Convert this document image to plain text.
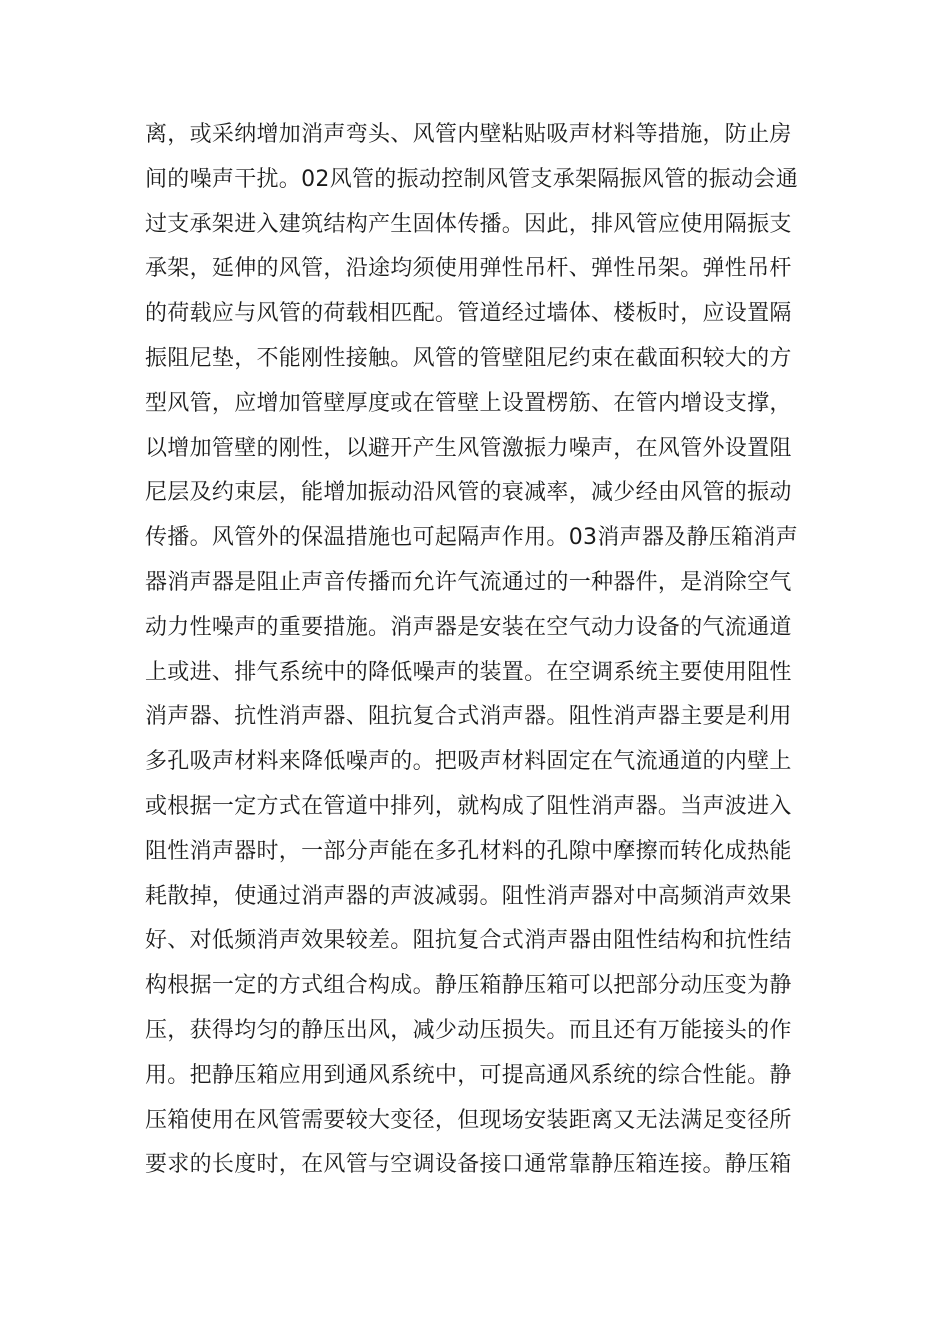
离，或采纳增加消声弯头、风管内壁粘贴吸声材料等措施，防止房
间的噪声干扰。02风管的振动控制风管支承架隔振风管的振动会通
过支承架进入建筑结构产生固体传播。因此，排风管应使用隔振支
承架，延伸的风管，沿途均须使用弹性吊杆、弹性吊架。弹性吊杆
的荷载应与风管的荷载相匹配。管道经过墙体、楼板时，应设置隔
振阻尼垫，不能刚性接触。风管的管壁阻尼约束在截面积较大的方
型风管，应增加管壁厚度或在管壁上设置楞筋、在管内增设支撑，
以增加管壁的刚性，以避开产生风管激振力噪声，在风管外设置阻
尼层及约束层，能增加振动沿风管的衰减率，减少经由风管的振动
传播。风管外的保温措施也可起隔声作用。03消声器及静压箱消声
器消声器是阻止声音传播而允许气流通过的一种器件，是消除空气
动力性噪声的重要措施。消声器是安装在空气动力设备的气流通道
上或进、排气系统中的降低噪声的装置。在空调系统主要使用阻性
消声器、抗性消声器、阻抗复合式消声器。阻性消声器主要是利用
多孔吸声材料来降低噪声的。把吸声材料固定在气流通道的内壁上
或根据一定方式在管道中排列，就构成了阻性消声器。当声波进入
阻性消声器时，一部分声能在多孔材料的孔隙中摩擦而转化成热能
耗散掉，使通过消声器的声波减弱。阻性消声器对中高频消声效果
好、对低频消声效果较差。阻抗复合式消声器由阻性结构和抗性结
构根据一定的方式组合构成。静压箱静压箱可以把部分动压变为静
压，获得均匀的静压出风，减少动压损失。而且还有万能接头的作
用。把静压箱应用到通风系统中，可提高通风系统的综合性能。静
压箱使用在风管需要较大变径，但现场安装距离又无法满足变径所
要求的长度时，在风管与空调设备接口通常靠静压箱连接。静压箱
